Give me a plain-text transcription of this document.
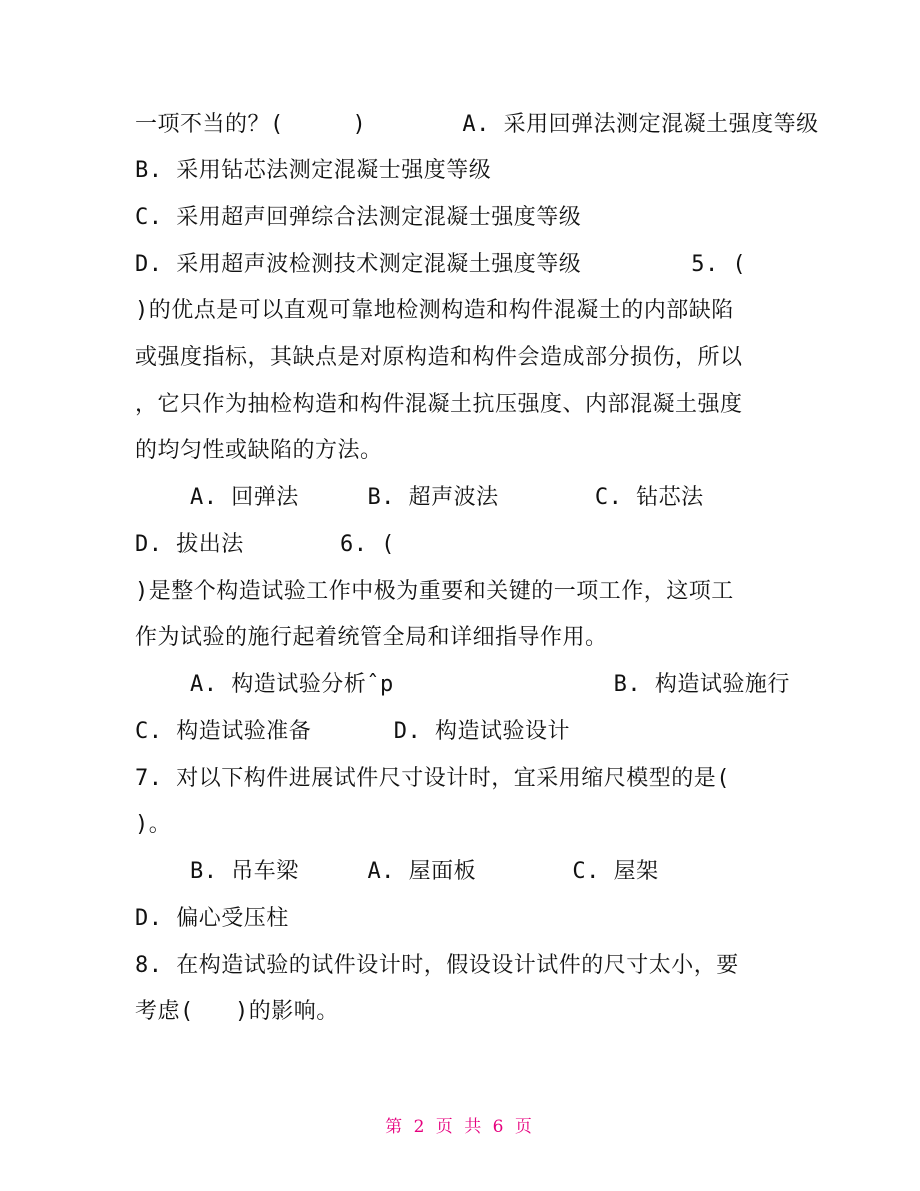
一项不当的？(     )       A. 采用回弹法测定混凝土强度等级
B. 采用钻芯法测定混凝士强度等级
C. 采用超声回弹综合法测定混凝士强度等级
D. 采用超声波检测技术测定混凝土强度等级        5. (
)的优点是可以直观可靠地检测构造和构件混凝土的内部缺陷
或强度指标，其缺点是对原构造和构件会造成部分损伤，所以
，它只作为抽检构造和构件混凝土抗压强度、内部混凝土强度
的均匀性或缺陷的方法。
A. 回弹法     B. 超声波法       C. 钻芯法
D. 拔出法       6. (
)是整个构造试验工作中极为重要和关键的一项工作，这项工
作为试验的施行起着统管全局和详细指导作用。
A. 构造试验分析ˆp                B. 构造试验施行
C. 构造试验准备      D. 构造试验设计
7. 对以下构件进展试件尺寸设计时，宜采用缩尺模型的是(
)。
B. 吊车梁     A. 屋面板       C. 屋架
D. 偏心受压柱
8. 在构造试验的试件设计时，假设设计试件的尺寸太小，要
考虑(   )的影响。
第 2 页 共 6 页
